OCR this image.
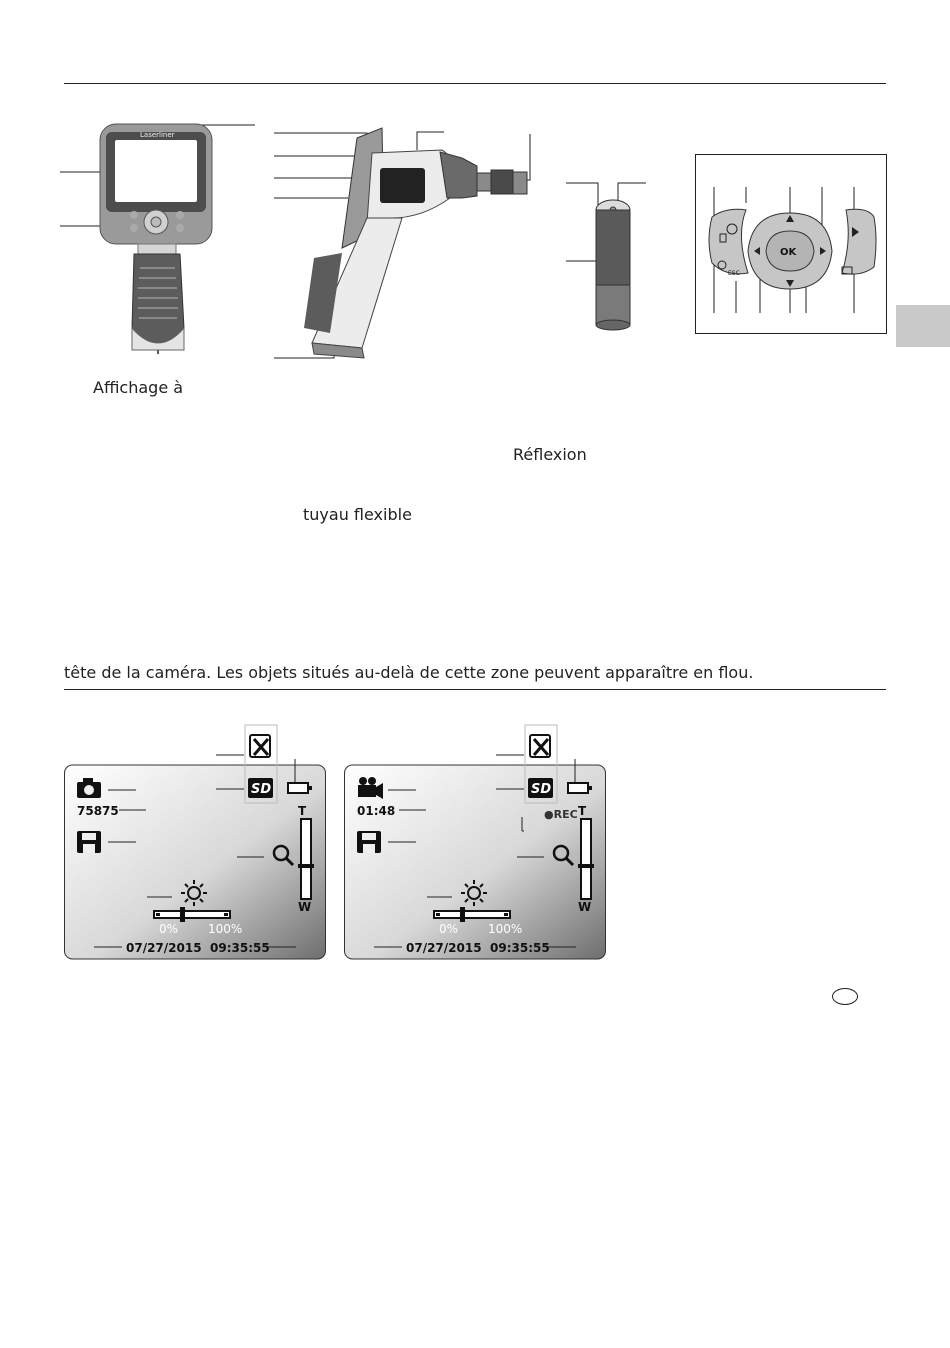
Laserliner
Affichage à
OK
ESC
Réflexion
tuyau flexible
tête de la caméra. Les objets situés au-delà de cette zone peuvent apparaître en flou.
SD
75875	T
W
0% 100%
07/27/2015 09:35:55
SD
01:48	●REC T
W
0% 100%
07/27/2015 09:35:55
